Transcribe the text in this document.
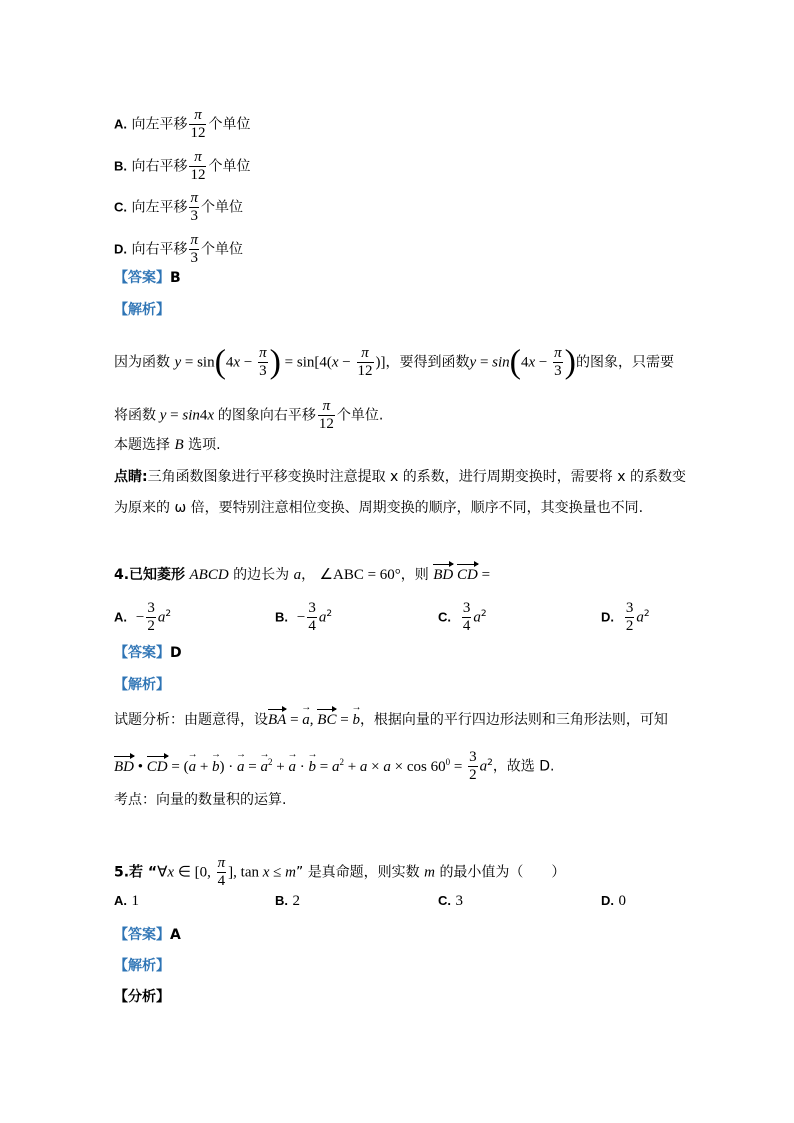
A. 向左平移 $\frac{\pi}{12}$ 个单位
B. 向右平移 $\frac{\pi}{12}$ 个单位
C. 向左平移 $\frac{\pi}{3}$ 个单位
D. 向右平移 $\frac{\pi}{3}$ 个单位
【答案】B
【解析】
因为函数 $y = \sin(4x - \frac{\pi}{3}$ ) = $\sin[4(x - \frac{\pi}{12}$ )]，要得到函数$y = \sin(4x - \frac{\pi}{3}$ )的图象，只需要
将函数 y = sin4x 的图象向右平移 $\frac{\pi}{12}$ 个单位.
本题选择 B 选项.
点睛:三角函数图象进行平移变换时注意提取 x 的系数，进行周期变换时，需要将 x 的系数变
为原来的 ω 倍，要特别注意相位变换、周期变换的顺序，顺序不同，其变换量也不同.
4.已知菱形 ABCD 的边长为 a， ∠ABC = 60°，则 BD CD =
A. − $\frac{3}{2} a^2$	B. − $\frac{3}{4} a^2$	C. $\frac{3}{4} a^2$	D. $\frac{3}{2} a^2$
【答案】D
【解析】
试题分析：由题意得，设BA = a →, BC = b →，根据向量的平行四边形法则和三角形法则，可知
BD • CD = (a → + b →) · a → = a →$^2$ + a → · b → = $a^2 + a \times a \times \cos 60^0 = \frac{3}{2} a^2$，故选 D.
考点：向量的数量积的运算.
5.若 “∀x ∈ [0, $\frac{\pi}{4}$ ], tan x ≤ m” 是真命题，则实数 m 的最小值为（　　）
A. 1	B. 2	C. 3	D. 0
【答案】A
【解析】
【分析】
